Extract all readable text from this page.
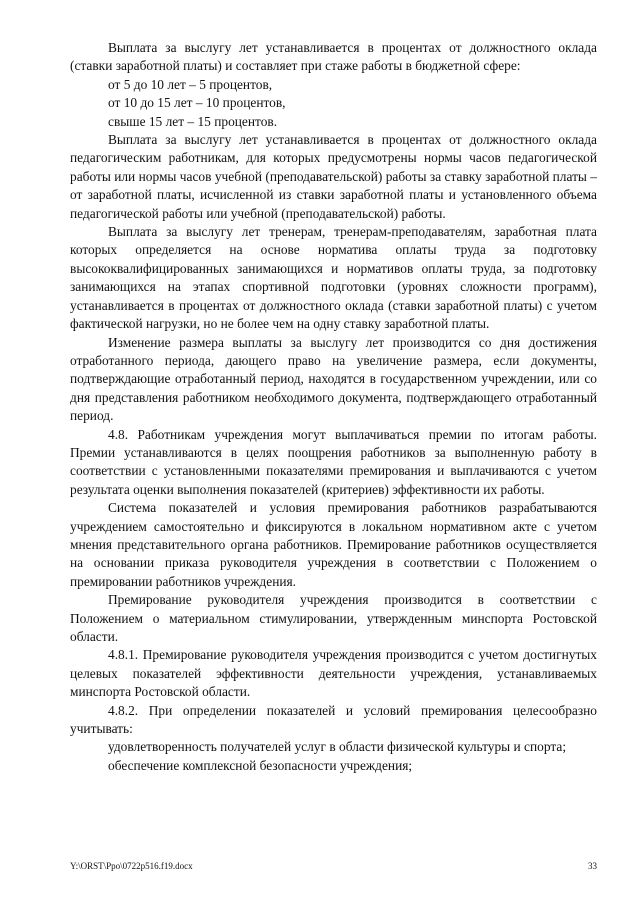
Выплата за выслугу лет устанавливается в процентах от должностного оклада (ставки заработной платы) и составляет при стаже работы в бюджетной сфере:

от 5 до 10 лет – 5 процентов,

от 10 до 15 лет – 10 процентов,

свыше 15 лет – 15 процентов.

Выплата за выслугу лет устанавливается в процентах от должностного оклада педагогическим работникам, для которых предусмотрены нормы часов педагогической работы или нормы часов учебной (преподавательской) работы за ставку заработной платы – от заработной платы, исчисленной из ставки заработной платы и установленного объема педагогической работы или учебной (преподавательской) работы.

Выплата за выслугу лет тренерам, тренерам-преподавателям, заработная плата которых определяется на основе норматива оплаты труда за подготовку высококвалифицированных занимающихся и нормативов оплаты труда, за подготовку занимающихся на этапах спортивной подготовки (уровнях сложности программ), устанавливается в процентах от должностного оклада (ставки заработной платы) с учетом фактической нагрузки, но не более чем на одну ставку заработной платы.

Изменение размера выплаты за выслугу лет производится со дня достижения отработанного периода, дающего право на увеличение размера, если документы, подтверждающие отработанный период, находятся в государственном учреждении, или со дня представления работником необходимого документа, подтверждающего отработанный период.

4.8. Работникам учреждения могут выплачиваться премии по итогам работы. Премии устанавливаются в целях поощрения работников за выполненную работу в соответствии с установленными показателями премирования и выплачиваются с учетом результата оценки выполнения показателей (критериев) эффективности их работы.

Система показателей и условия премирования работников разрабатываются учреждением самостоятельно и фиксируются в локальном нормативном акте с учетом мнения представительного органа работников. Премирование работников осуществляется на основании приказа руководителя учреждения в соответствии с Положением о премировании работников учреждения.

Премирование руководителя учреждения производится в соответствии с Положением о материальном стимулировании, утвержденным минспорта Ростовской области.

4.8.1. Премирование руководителя учреждения производится с учетом достигнутых целевых показателей эффективности деятельности учреждения, устанавливаемых минспорта Ростовской области.

4.8.2. При определении показателей и условий премирования целесообразно учитывать:

удовлетворенность получателей услуг в области физической культуры и спорта;

обеспечение комплексной безопасности учреждения;

Y:\ORST\Ppo\0722p516.f19.docx	33
